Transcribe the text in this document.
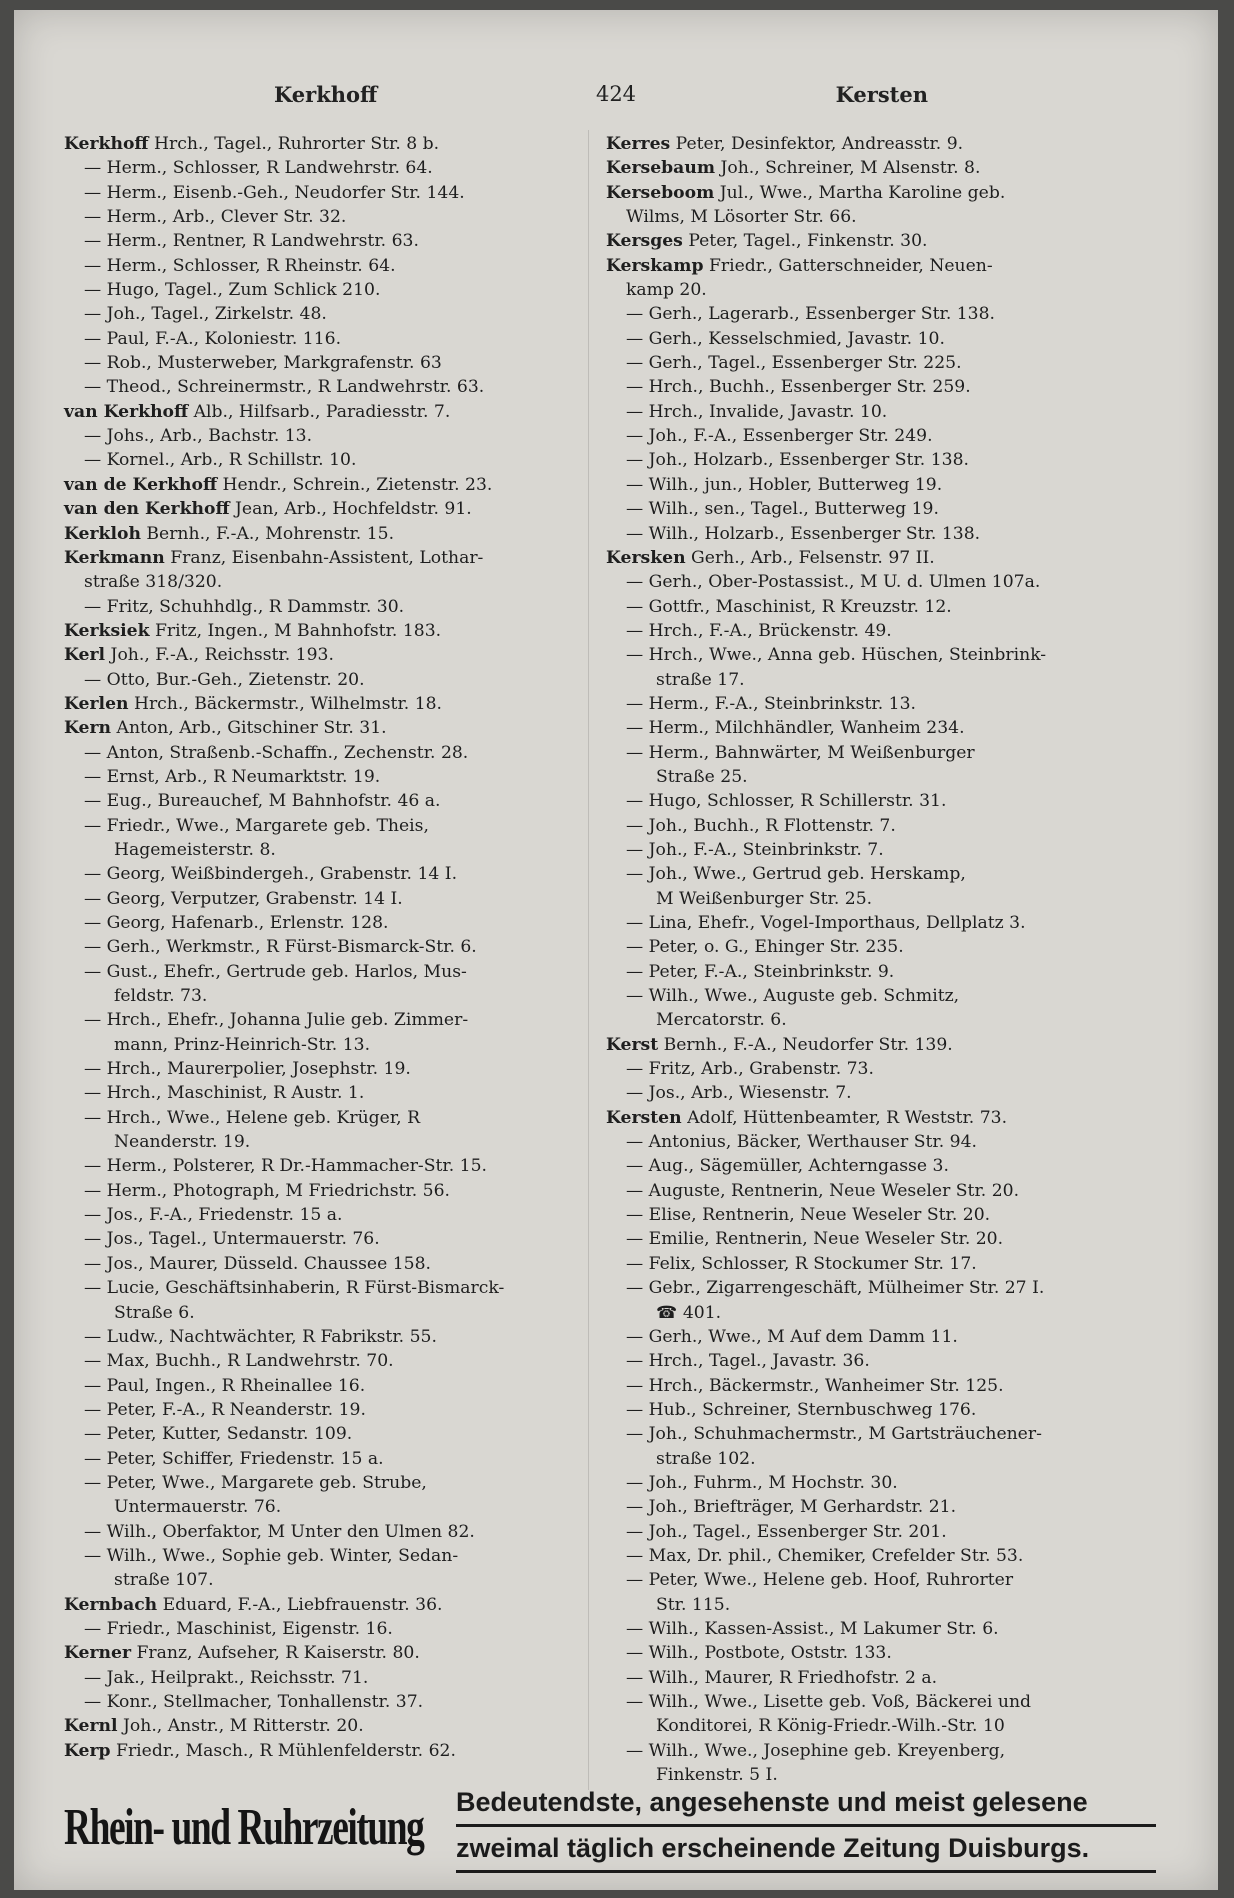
Kerkhoff	424	Kersten
Kerkhoff Hrch., Tagel., Ruhrorter Str. 8 b.
— Herm., Schlosser, R Landwehrstr. 64.
— Herm., Eisenb.-Geh., Neudorfer Str. 144.
— Herm., Arb., Clever Str. 32.
— Herm., Rentner, R Landwehrstr. 63.
— Herm., Schlosser, R Rheinstr. 64.
— Hugo, Tagel., Zum Schlick 210.
— Joh., Tagel., Zirkelstr. 48.
— Paul, F.-A., Koloniestr. 116.
— Rob., Musterweber, Markgrafenstr. 63
— Theod., Schreinermstr., R Landwehrstr. 63.
van Kerkhoff Alb., Hilfsarb., Paradiesstr. 7.
— Johs., Arb., Bachstr. 13.
— Kornel., Arb., R Schillstr. 10.
van de Kerkhoff Hendr., Schrein., Zietenstr. 23.
van den Kerkhoff Jean, Arb., Hochfeldstr. 91.
Kerkloh Bernh., F.-A., Mohrenstr. 15.
Kerkmann Franz, Eisenbahn-Assistent, Lothar-
straße 318/320.
— Fritz, Schuhhdlg., R Dammstr. 30.
Kerksiek Fritz, Ingen., M Bahnhofstr. 183.
Kerl Joh., F.-A., Reichsstr. 193.
— Otto, Bur.-Geh., Zietenstr. 20.
Kerlen Hrch., Bäckermstr., Wilhelmstr. 18.
Kern Anton, Arb., Gitschiner Str. 31.
— Anton, Straßenb.-Schaffn., Zechenstr. 28.
— Ernst, Arb., R Neumarktstr. 19.
— Eug., Bureauchef, M Bahnhofstr. 46 a.
— Friedr., Wwe., Margarete geb. Theis,
Hagemeisterstr. 8.
— Georg, Weißbindergeh., Grabenstr. 14 I.
— Georg, Verputzer, Grabenstr. 14 I.
— Georg, Hafenarb., Erlenstr. 128.
— Gerh., Werkmstr., R Fürst-Bismarck-Str. 6.
— Gust., Ehefr., Gertrude geb. Harlos, Mus-
feldstr. 73.
— Hrch., Ehefr., Johanna Julie geb. Zimmer-
mann, Prinz-Heinrich-Str. 13.
— Hrch., Maurerpolier, Josephstr. 19.
— Hrch., Maschinist, R Austr. 1.
— Hrch., Wwe., Helene geb. Krüger, R
Neanderstr. 19.
— Herm., Polsterer, R Dr.-Hammacher-Str. 15.
— Herm., Photograph, M Friedrichstr. 56.
— Jos., F.-A., Friedenstr. 15 a.
— Jos., Tagel., Untermauerstr. 76.
— Jos., Maurer, Düsseld. Chaussee 158.
— Lucie, Geschäftsinhaberin, R Fürst-Bismarck-
Straße 6.
— Ludw., Nachtwächter, R Fabrikstr. 55.
— Max, Buchh., R Landwehrstr. 70.
— Paul, Ingen., R Rheinallee 16.
— Peter, F.-A., R Neanderstr. 19.
— Peter, Kutter, Sedanstr. 109.
— Peter, Schiffer, Friedenstr. 15 a.
— Peter, Wwe., Margarete geb. Strube,
Untermauerstr. 76.
— Wilh., Oberfaktor, M Unter den Ulmen 82.
— Wilh., Wwe., Sophie geb. Winter, Sedan-
straße 107.
Kernbach Eduard, F.-A., Liebfrauenstr. 36.
— Friedr., Maschinist, Eigenstr. 16.
Kerner Franz, Aufseher, R Kaiserstr. 80.
— Jak., Heilprakt., Reichsstr. 71.
— Konr., Stellmacher, Tonhallenstr. 37.
Kernl Joh., Anstr., M Ritterstr. 20.
Kerp Friedr., Masch., R Mühlenfelderstr. 62.
Kerres Peter, Desinfektor, Andreasstr. 9.
Kersebaum Joh., Schreiner, M Alsenstr. 8.
Kerseboom Jul., Wwe., Martha Karoline geb.
Wilms, M Lösorter Str. 66.
Kersges Peter, Tagel., Finkenstr. 30.
Kerskamp Friedr., Gatterschneider, Neuen-
kamp 20.
— Gerh., Lagerarb., Essenberger Str. 138.
— Gerh., Kesselschmied, Javastr. 10.
— Gerh., Tagel., Essenberger Str. 225.
— Hrch., Buchh., Essenberger Str. 259.
— Hrch., Invalide, Javastr. 10.
— Joh., F.-A., Essenberger Str. 249.
— Joh., Holzarb., Essenberger Str. 138.
— Wilh., jun., Hobler, Butterweg 19.
— Wilh., sen., Tagel., Butterweg 19.
— Wilh., Holzarb., Essenberger Str. 138.
Kersken Gerh., Arb., Felsenstr. 97 II.
— Gerh., Ober-Postassist., M U. d. Ulmen 107a.
— Gottfr., Maschinist, R Kreuzstr. 12.
— Hrch., F.-A., Brückenstr. 49.
— Hrch., Wwe., Anna geb. Hüschen, Steinbrink-
straße 17.
— Herm., F.-A., Steinbrinkstr. 13.
— Herm., Milchhändler, Wanheim 234.
— Herm., Bahnwärter, M Weißenburger
Straße 25.
— Hugo, Schlosser, R Schillerstr. 31.
— Joh., Buchh., R Flottenstr. 7.
— Joh., F.-A., Steinbrinkstr. 7.
— Joh., Wwe., Gertrud geb. Herskamp,
M Weißenburger Str. 25.
— Lina, Ehefr., Vogel-Importhaus, Dellplatz 3.
— Peter, o. G., Ehinger Str. 235.
— Peter, F.-A., Steinbrinkstr. 9.
— Wilh., Wwe., Auguste geb. Schmitz,
Mercatorstr. 6.
Kerst Bernh., F.-A., Neudorfer Str. 139.
— Fritz, Arb., Grabenstr. 73.
— Jos., Arb., Wiesenstr. 7.
Kersten Adolf, Hüttenbeamter, R Weststr. 73.
— Antonius, Bäcker, Werthauser Str. 94.
— Aug., Sägemüller, Achterngasse 3.
— Auguste, Rentnerin, Neue Weseler Str. 20.
— Elise, Rentnerin, Neue Weseler Str. 20.
— Emilie, Rentnerin, Neue Weseler Str. 20.
— Felix, Schlosser, R Stockumer Str. 17.
— Gebr., Zigarrengeschäft, Mülheimer Str. 27 I.
☎ 401.
— Gerh., Wwe., M Auf dem Damm 11.
— Hrch., Tagel., Javastr. 36.
— Hrch., Bäckermstr., Wanheimer Str. 125.
— Hub., Schreiner, Sternbuschweg 176.
— Joh., Schuhmachermstr., M Gartsträuchener-
straße 102.
— Joh., Fuhrm., M Hochstr. 30.
— Joh., Briefträger, M Gerhardstr. 21.
— Joh., Tagel., Essenberger Str. 201.
— Max, Dr. phil., Chemiker, Crefelder Str. 53.
— Peter, Wwe., Helene geb. Hoof, Ruhrorter
Str. 115.
— Wilh., Kassen-Assist., M Lakumer Str. 6.
— Wilh., Postbote, Oststr. 133.
— Wilh., Maurer, R Friedhofstr. 2 a.
— Wilh., Wwe., Lisette geb. Voß, Bäckerei und
Konditorei, R König-Friedr.-Wilh.-Str. 10
— Wilh., Wwe., Josephine geb. Kreyenberg,
Finkenstr. 5 I.
Rhein- und Ruhrzeitung Bedeutendste, angesehenste und meist gelesene
zweimal täglich erscheinende Zeitung Duisburgs.
